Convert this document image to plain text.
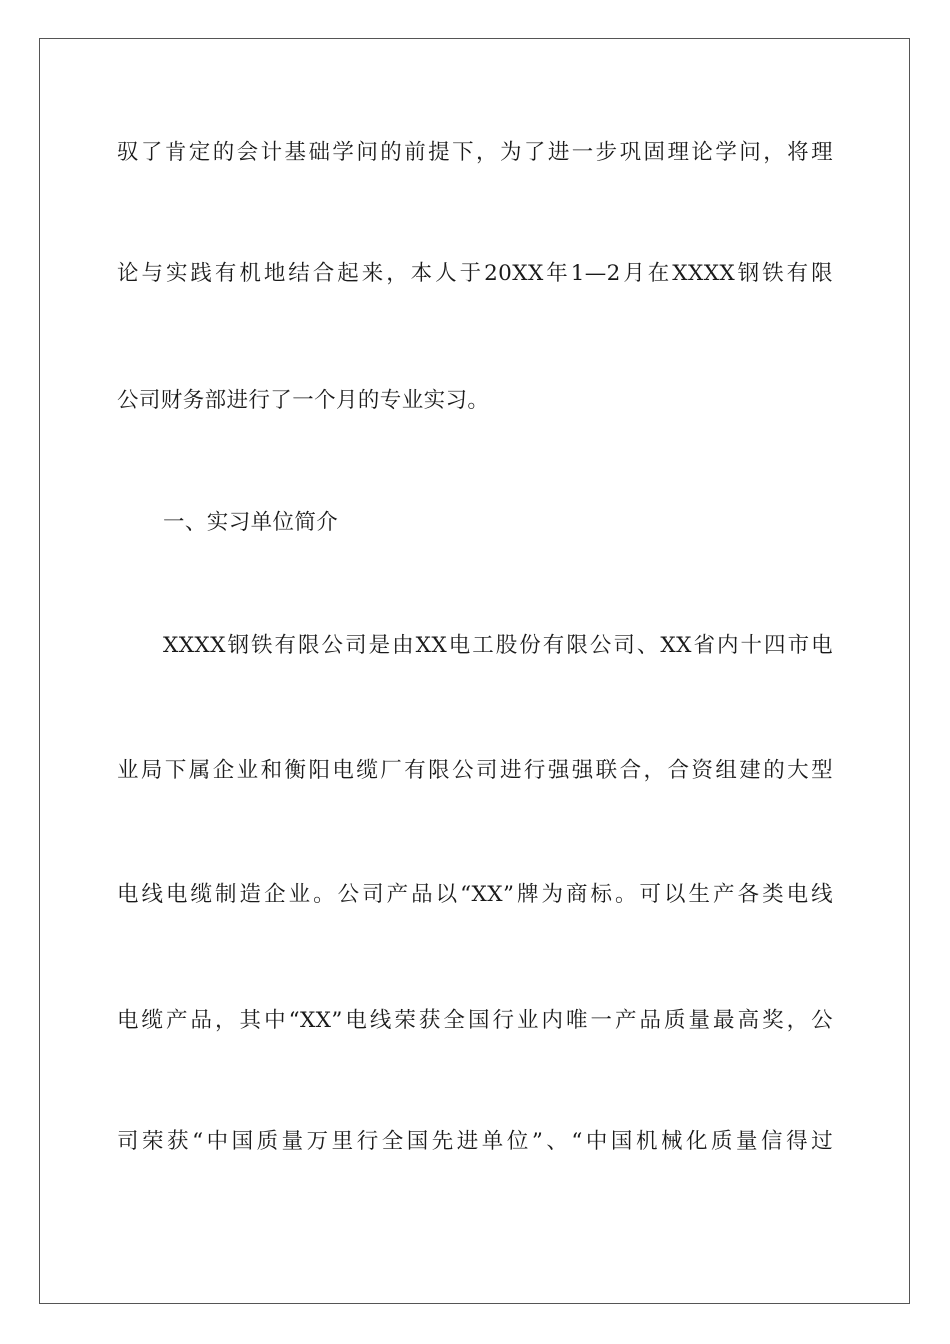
驭了肯定的会计基础学问的前提下，为了进一步巩固理论学问，将理
论与实践有机地结合起来，本人于20XX年1—2月在XXXX钢铁有限
公司财务部进行了一个月的专业实习。
一、实习单位简介
XXXX钢铁有限公司是由XX电工股份有限公司、XX省内十四市电
业局下属企业和衡阳电缆厂有限公司进行强强联合，合资组建的大型
电线电缆制造企业。公司产品以“XX”牌为商标。可以生产各类电线
电缆产品，其中“XX”电线荣获全国行业内唯一产品质量最高奖，公
司荣获“中国质量万里行全国先进单位”、“中国机械化质量信得过
